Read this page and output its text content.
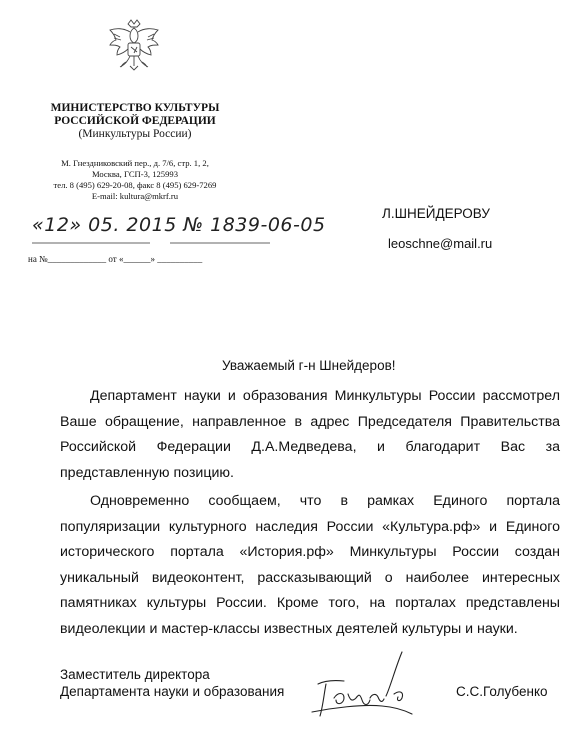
МИНИСТЕРСТВО КУЛЬТУРЫ
РОССИЙСКОЙ ФЕДЕРАЦИИ
(Минкультуры России)
М. Гнездниковский пер., д. 7/6, стр. 1, 2,
Москва, ГСП-3, 125993
тел. 8 (495) 629-20-08, факс 8 (495) 629-7269
E-mail: kultura@mkrf.ru
«12» 05. 2015 № 1839-06-05
на №_____________ от «______» __________
Л.ШНЕЙДЕРОВУ
leoschne@mail.ru
Уважаемый г-н Шнейдеров!
Департамент науки и образования Минкультуры России рассмотрел Ваше обращение, направленное в адрес Председателя Правительства Российской Федерации Д.А.Медведева, и благодарит Вас за представленную позицию.
Одновременно сообщаем, что в рамках Единого портала популяризации культурного наследия России «Культура.рф» и Единого исторического портала «История.рф» Минкультуры России создан уникальный видеоконтент, рассказывающий о наиболее интересных памятниках культуры России. Кроме того, на порталах представлены видеолекции и мастер-классы известных деятелей культуры и науки.
Заместитель директора
Департамента науки и образования	С.С.Голубенко
